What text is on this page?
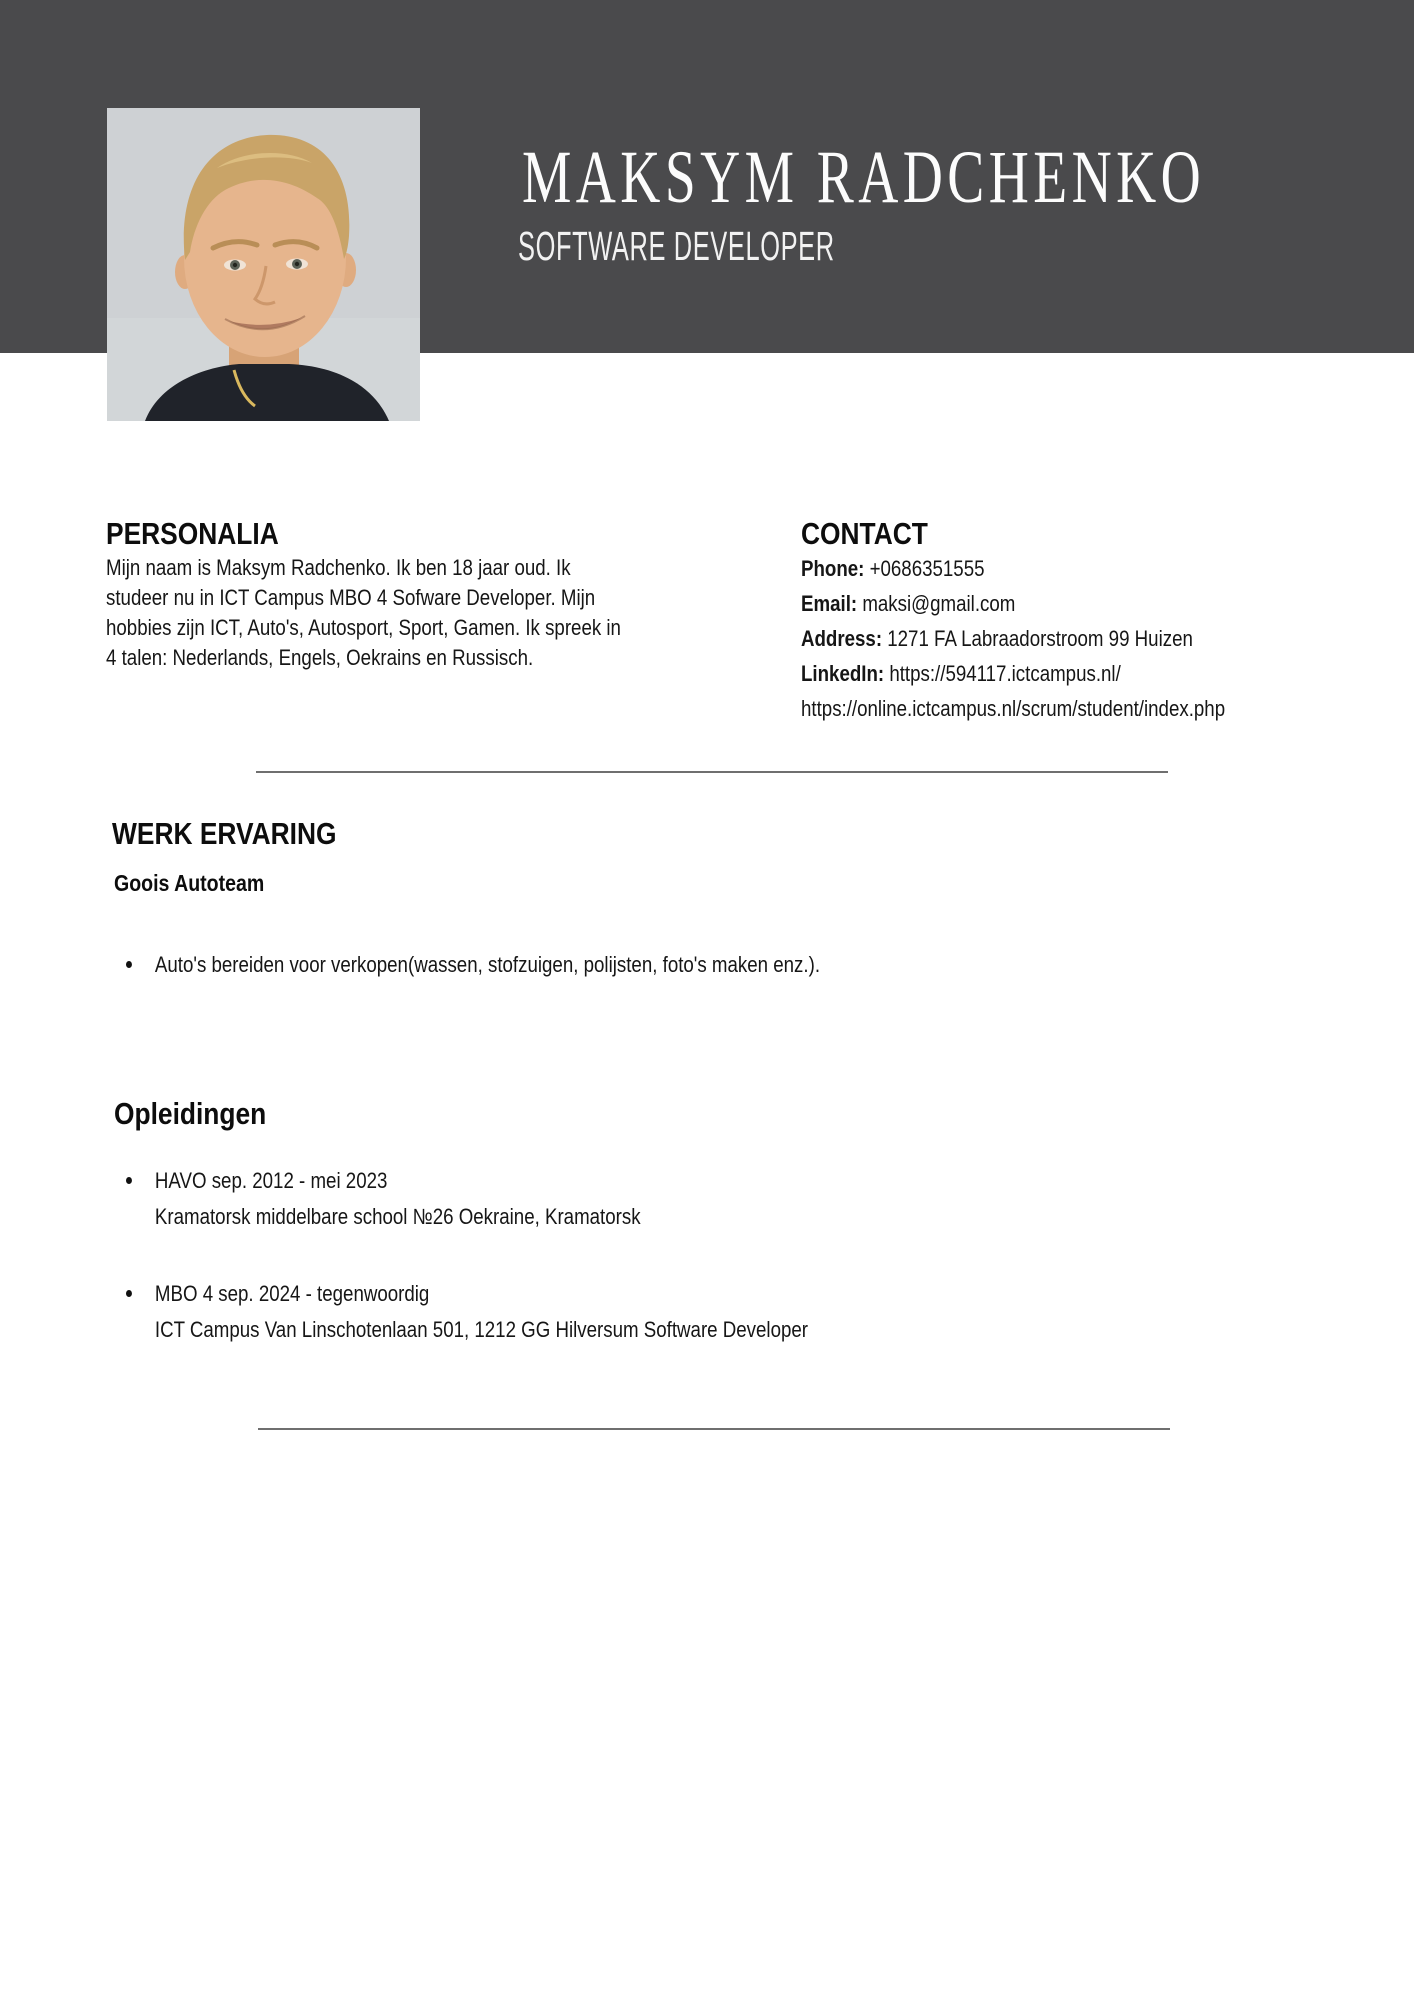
MAKSYM RADCHENKO
SOFTWARE DEVELOPER
PERSONALIA
Mijn naam is Maksym Radchenko. Ik ben 18 jaar oud. Ik
studeer nu in ICT Campus MBO 4 Sofware Developer. Mijn
hobbies zijn ICT, Auto's, Autosport, Sport, Gamen. Ik spreek in
4 talen: Nederlands, Engels, Oekrains en Russisch.
CONTACT
Phone: +0686351555
Email: maksi@gmail.com
Address: 1271 FA Labraadorstroom 99 Huizen
LinkedIn: https://594117.ictcampus.nl/
https://online.ictcampus.nl/scrum/student/index.php
WERK ERVARING
Goois Autoteam
Auto's bereiden voor verkopen(wassen, stofzuigen, polijsten, foto's maken enz.).
Opleidingen
HAVO sep. 2012 - mei 2023
Kramatorsk middelbare school №26 Oekraine, Kramatorsk
MBO 4 sep. 2024 - tegenwoordig
ICT Campus Van Linschotenlaan 501, 1212 GG Hilversum Software Developer
